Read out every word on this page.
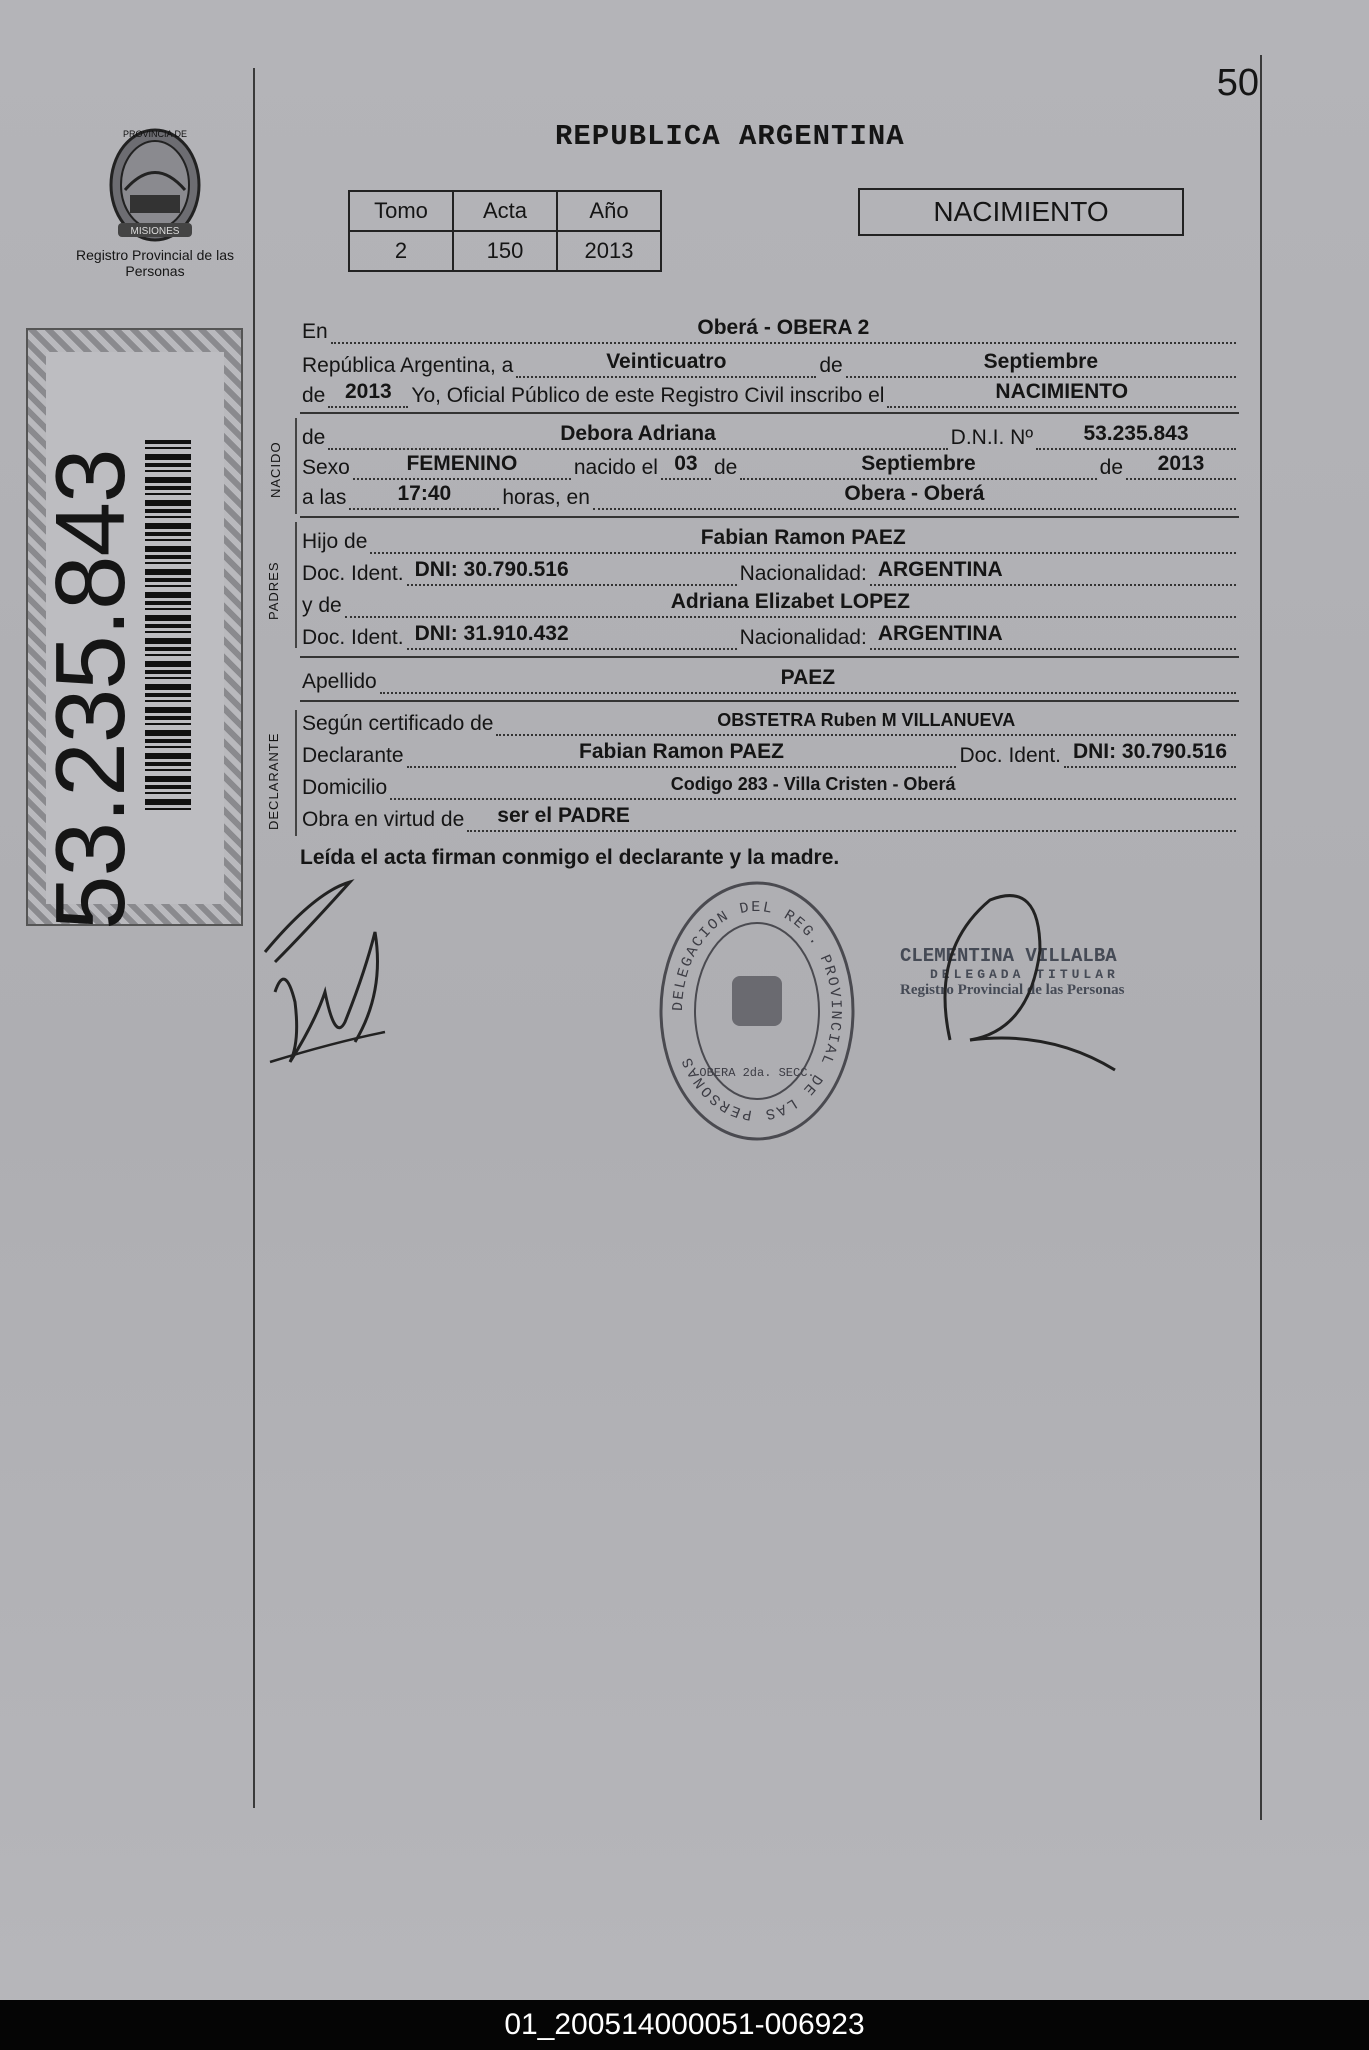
50
MISIONES
PROVINCIA DE
Registro Provincial de las Personas
53.235.843
REPUBLICA ARGENTINA
Tomo	Acta	Año
2	150	2013
NACIMIENTO
En	Oberá - OBERA 2
República Argentina, a	Veinticuatro	de	Septiembre
de 2013 Yo, Oficial Público de este Registro Civil inscribo el	NACIMIENTO
NACIDO
de	Debora Adriana	D.N.I. Nº	53.235.843
Sexo	FEMENINO	nacido el 03 de	Septiembre	de	2013
a las	17:40	horas, en	Obera - Oberá
PADRES
Hijo de	Fabian Ramon PAEZ
Doc. Ident. DNI: 30.790.516	Nacionalidad: ARGENTINA
y de	Adriana Elizabet LOPEZ
Doc. Ident. DNI: 31.910.432	Nacionalidad: ARGENTINA
Apellido	PAEZ
DECLARANTE
Según certificado de	OBSTETRA Ruben M VILLANUEVA
Declarante	Fabian Ramon PAEZ	Doc. Ident. DNI: 30.790.516
Domicilio	Codigo 283 - Villa Cristen - Oberá
Obra en virtud de ser el PADRE
Leída el acta firman conmigo el declarante y la madre.
DELEGACION DEL REG. PROVINCIAL DE LAS PERSONAS
OBERA 2da. SECC.
CLEMENTINA VILLALBA
DELEGADA TITULAR
Registro Provincial de las Personas
01_200514000051-006923
